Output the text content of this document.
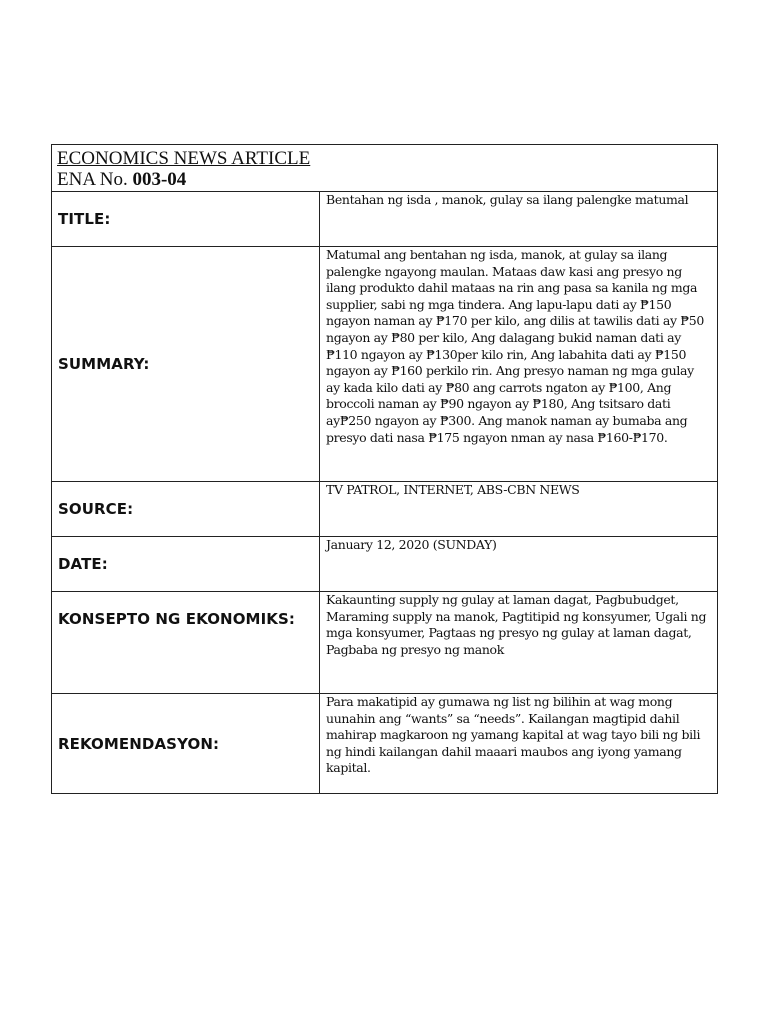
ECONOMICS NEWS ARTICLE
ENA No. 003-04
TITLE:	Bentahan ng isda , manok, gulay sa ilang palengke matumal
SUMMARY:	Matumal ang bentahan ng isda, manok, at gulay sa ilang palengke ngayong maulan. Mataas daw kasi ang presyo ng ilang produkto dahil mataas na rin ang pasa sa kanila ng mga supplier, sabi ng mga tindera. Ang lapu-lapu dati ay ₱150 ngayon naman ay ₱170 per kilo, ang dilis at tawilis dati ay ₱50 ngayon ay ₱80 per kilo, Ang dalagang bukid naman dati ay ₱110 ngayon ay ₱130per kilo rin, Ang labahita dati ay ₱150 ngayon ay ₱160 perkilo rin. Ang presyo naman ng mga gulay ay kada kilo dati ay ₱80 ang carrots ngaton ay ₱100, Ang broccoli naman ay ₱90 ngayon ay ₱180, Ang tsitsaro dati ay₱250 ngayon ay ₱300. Ang manok naman ay bumaba ang presyo dati nasa ₱175 ngayon nman ay nasa ₱160-₱170.
SOURCE:	TV PATROL, INTERNET, ABS-CBN NEWS
DATE:	January 12, 2020 (SUNDAY)
KONSEPTO NG EKONOMIKS:	Kakaunting supply ng gulay at laman dagat, Pagbubudget, Maraming supply na manok, Pagtitipid ng konsyumer, Ugali ng mga konsyumer, Pagtaas ng presyo ng gulay at laman dagat, Pagbaba ng presyo ng manok
REKOMENDASYON:	Para makatipid ay gumawa ng list ng bilihin at wag mong uunahin ang “wants” sa “needs”. Kailangan magtipid dahil mahirap magkaroon ng yamang kapital at wag tayo bili ng bili ng hindi kailangan dahil maaari maubos ang iyong yamang kapital.
